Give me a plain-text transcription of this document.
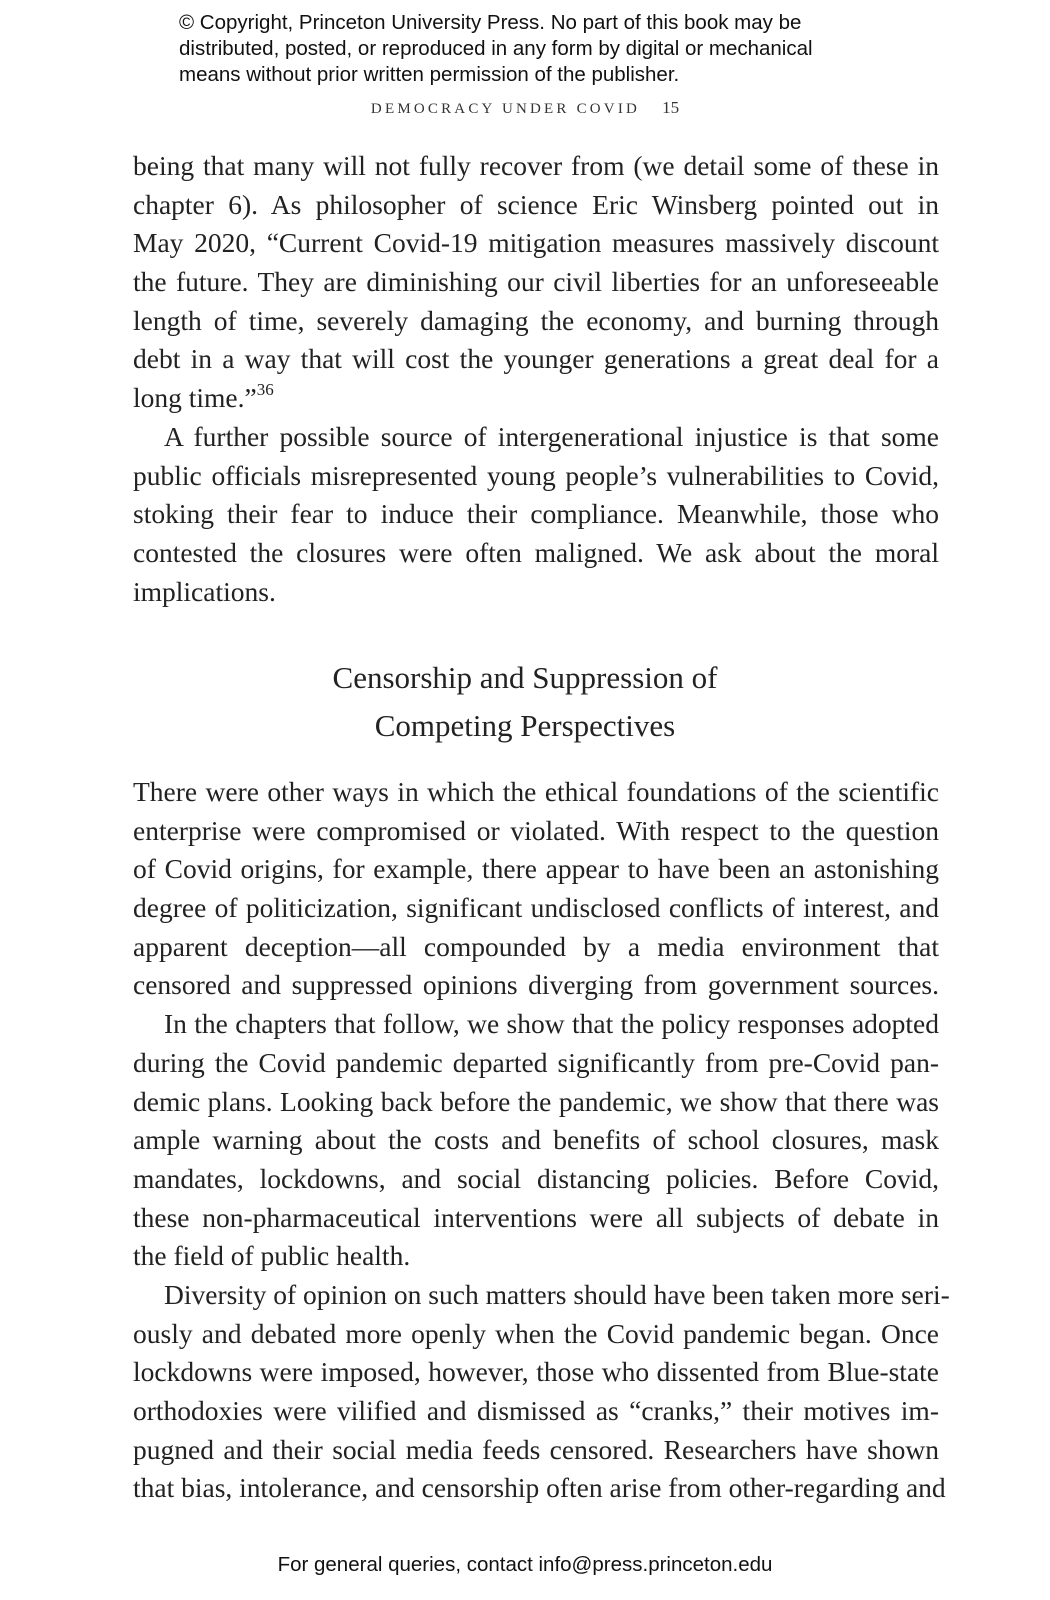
© Copyright, Princeton University Press. No part of this book may be
distributed, posted, or reproduced in any form by digital or mechanical
means without prior written permission of the publisher.
DEMOCRACY UNDER COVID 15
being that many will not fully recover from (we detail some of these in
chapter 6). As philosopher of science Eric Winsberg pointed out in
May 2020, “Current Covid-19 mitigation measures massively discount
the future. They are diminishing our civil liberties for an unforeseeable
length of time, severely damaging the economy, and burning through
debt in a way that will cost the younger generations a great deal for a
long time.”$^{36}$
A further possible source of intergenerational injustice is that some
public officials misrepresented young people’s vulnerabilities to Covid,
stoking their fear to induce their compliance. Meanwhile, those who
contested the closures were often maligned. We ask about the moral
implications.
Censorship and Suppression of
Competing Perspectives
There were other ways in which the ethical foundations of the scientific
enterprise were compromised or violated. With respect to the question
of Covid origins, for example, there appear to have been an astonishing
degree of politicization, significant undisclosed conflicts of interest, and
apparent deception—all compounded by a media environment that
censored and suppressed opinions diverging from government sources.
In the chapters that follow, we show that the policy responses adopted
during the Covid pandemic departed significantly from pre-Covid pan-
demic plans. Looking back before the pandemic, we show that there was
ample warning about the costs and benefits of school closures, mask
mandates, lockdowns, and social distancing policies. Before Covid,
these non-pharmaceutical interventions were all subjects of debate in
the field of public health.
Diversity of opinion on such matters should have been taken more seri-
ously and debated more openly when the Covid pandemic began. Once
lockdowns were imposed, however, those who dissented from Blue-state
orthodoxies were vilified and dismissed as “cranks,” their motives im-
pugned and their social media feeds censored. Researchers have shown
that bias, intolerance, and censorship often arise from other-regarding and
For general queries, contact info@press.princeton.edu
